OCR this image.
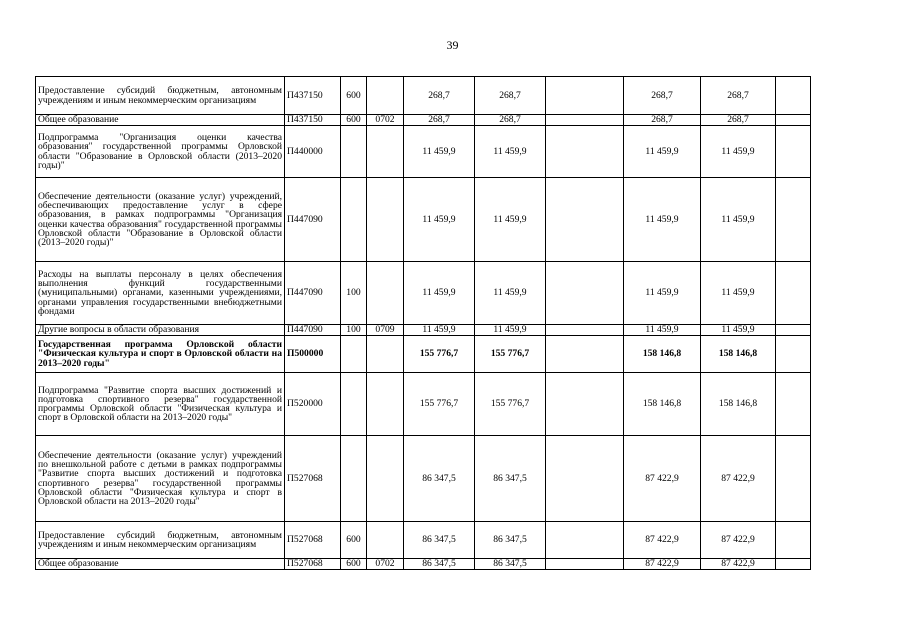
39
Предоставление субсидий бюджетным, автономным учреждениям и иным некоммерческим организациям	П437150	600		268,7	268,7		268,7	268,7	
Общее образование	П437150	600	0702	268,7	268,7		268,7	268,7	
Подпрограмма "Организация оценки качества образования" государственной программы Орловской области "Образование в Орловской области (2013–2020 годы)"	П440000			11 459,9	11 459,9		11 459,9	11 459,9	
Обеспечение деятельности (оказание услуг) учреждений, обеспечивающих предоставление услуг в сфере образования, в рамках подпрограммы "Организация оценки качества образования" государственной программы Орловской области "Образование в Орловской области (2013–2020 годы)"	П447090			11 459,9	11 459,9		11 459,9	11 459,9	
Расходы на выплаты персоналу в целях обеспечения выполнения функций государственными (муниципальными) органами, казенными учреждениями, органами управления государственными внебюджетными фондами	П447090	100		11 459,9	11 459,9		11 459,9	11 459,9	
Другие вопросы в области образования	П447090	100	0709	11 459,9	11 459,9		11 459,9	11 459,9	
Государственная программа Орловской области "Физическая культура и спорт в Орловской области на 2013–2020 годы"	П500000			155 776,7	155 776,7		158 146,8	158 146,8	
Подпрограмма "Развитие спорта высших достижений и подготовка спортивного резерва" государственной программы Орловской области "Физическая культура и спорт в Орловской области на 2013–2020 годы"	П520000			155 776,7	155 776,7		158 146,8	158 146,8	
Обеспечение деятельности (оказание услуг) учреждений по внешкольной работе с детьми в рамках подпрограммы "Развитие спорта высших достижений и подготовка спортивного резерва" государственной программы Орловской области "Физическая культура и спорт в Орловской области на 2013–2020 годы"	П527068			86 347,5	86 347,5		87 422,9	87 422,9	
Предоставление субсидий бюджетным, автономным учреждениям и иным некоммерческим организациям	П527068	600		86 347,5	86 347,5		87 422,9	87 422,9	
Общее образование	П527068	600	0702	86 347,5	86 347,5		87 422,9	87 422,9	
